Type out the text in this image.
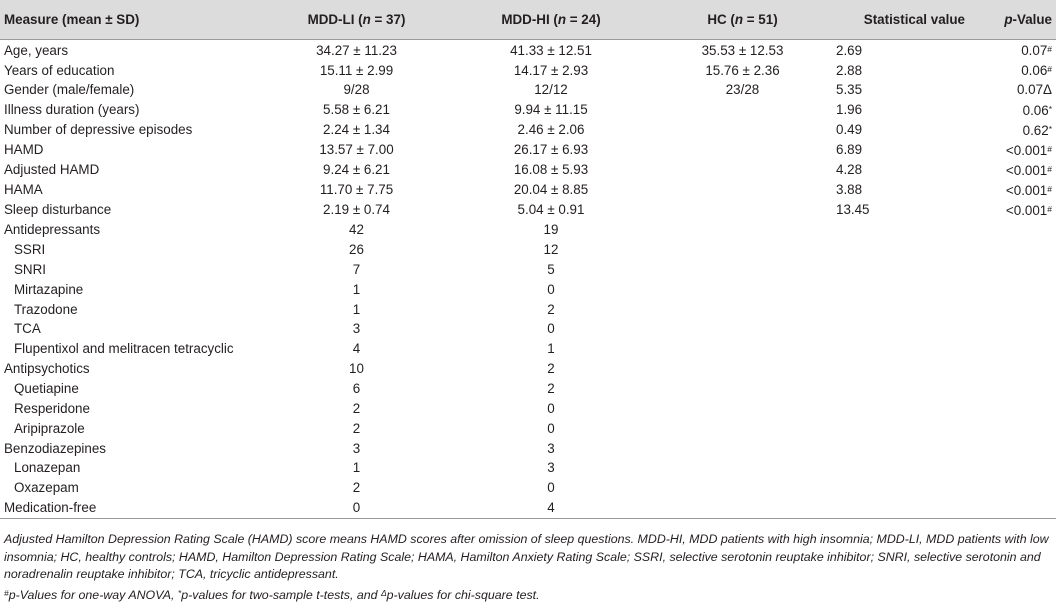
Measure (mean ± SD)	MDD-LI (n = 37)	MDD-HI (n = 24)	HC (n = 51)	Statistical value	p-Value
Age, years	34.27 ± 11.23	41.33 ± 12.51	35.53 ± 12.53	2.69	0.07#
Years of education	15.11 ± 2.99	14.17 ± 2.93	15.76 ± 2.36	2.88	0.06#
Gender (male/female)	9/28	12/12	23/28	5.35	0.07Δ
Illness duration (years)	5.58 ± 6.21	9.94 ± 11.15		1.96	0.06*
Number of depressive episodes	2.24 ± 1.34	2.46 ± 2.06		0.49	0.62*
HAMD	13.57 ± 7.00	26.17 ± 6.93		6.89	<0.001#
Adjusted HAMD	9.24 ± 6.21	16.08 ± 5.93		4.28	<0.001#
HAMA	11.70 ± 7.75	20.04 ± 8.85		3.88	<0.001#
Sleep disturbance	2.19 ± 0.74	5.04 ± 0.91		13.45	<0.001#
Antidepressants	42	19			
SSRI	26	12			
SNRI	7	5			
Mirtazapine	1	0			
Trazodone	1	2			
TCA	3	0			
Flupentixol and melitracen tetracyclic	4	1			
Antipsychotics	10	2			
Quetiapine	6	2			
Resperidone	2	0			
Aripiprazole	2	0			
Benzodiazepines	3	3			
Lonazepan	1	3			
Oxazepam	2	0			
Medication-free	0	4			

Adjusted Hamilton Depression Rating Scale (HAMD) score means HAMD scores after omission of sleep questions. MDD-HI, MDD patients with high insomnia; MDD-LI, MDD patients with low insomnia; HC, healthy controls; HAMD, Hamilton Depression Rating Scale; HAMA, Hamilton Anxiety Rating Scale; SSRI, selective serotonin reuptake inhibitor; SNRI, selective serotonin and noradrenalin reuptake inhibitor; TCA, tricyclic antidepressant.

#p-Values for one-way ANOVA, *p-values for two-sample t-tests, and $^\Delta$p-values for chi-square test.
